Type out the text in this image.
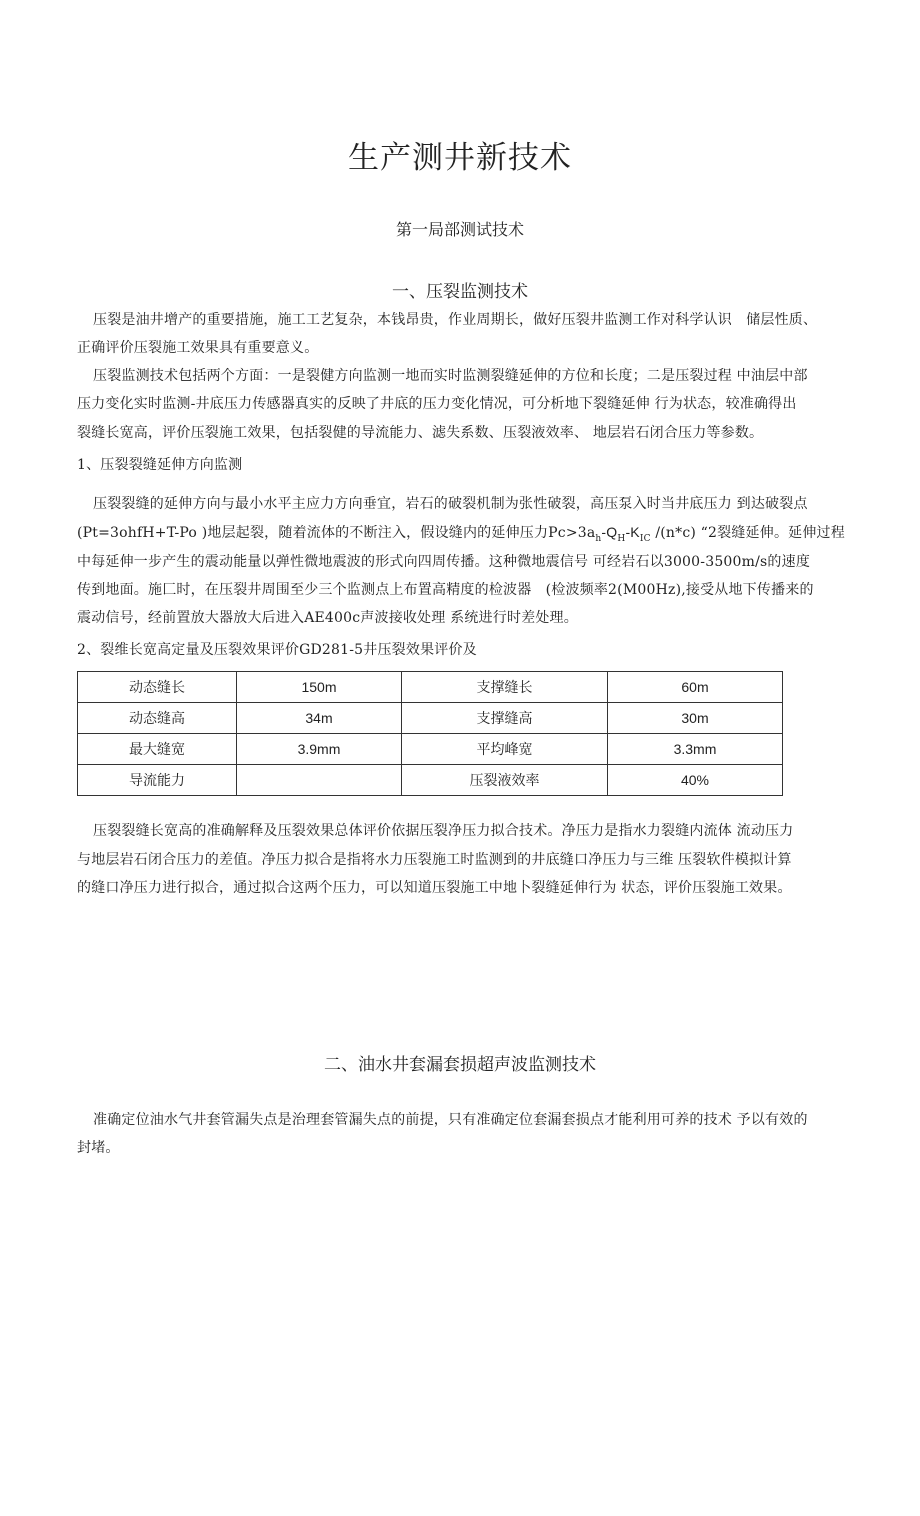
生产测井新技术
第一局部测试技术
一、压裂监测技术
压裂是油井增产的重要措施，施工工艺复杂，本钱昂贵，作业周期长，做好压裂井监测工作对科学认识　储层性质、
正确评价压裂施工效果具有重要意义。
压裂监测技术包括两个方面：一是裂健方向监测一地而实时监测裂缝延伸的方位和长度；二是压裂过程 中油层中部
压力变化实时监测-井底压力传感器真实的反映了井底的压力变化情况，可分析地下裂缝延伸 行为状态，较准确得出
裂缝长宽高，评价压裂施工效果，包括裂健的导流能力、滤失系数、压裂液效率、 地层岩石闭合压力等参数。
1、压裂裂缝延伸方向监测
压裂裂缝的延伸方向与最小水平主应力方向垂宜，岩石的破裂机制为张性破裂，高压泵入时当井底压力 到达破裂点
(Pt=3ohfH+T-Po )地层起裂，随着流体的不断注入，假设缝内的延伸压力$Pc>3a_h-Q_H-K_{IC}$ /(n*c) “2裂缝延伸。延伸过程
中每延伸一步产生的震动能量以弹性微地震波的形式向四周传播。这种微地震信号 可经岩石以3000-3500m/s的速度
传到地面。施匚时，在压裂井周围至少三个监测点上布置高精度的检波器　(检波频率2(M00Hz),接受从地下传播来的
震动信号，经前置放大器放大后进入AE400c声波接收处理 系统进行时差处理。
2、裂维长宽高定量及压裂效果评价GD281-5井压裂效果评价及
动态缝长	150m	支撑缝长	60m
动态缝高	34m	支撑缝高	30m
最大缝宽	3.9mm	平均峰宽	3.3mm
导流能力		压裂液效率	40%
压裂裂缝长宽高的准确解释及压裂效果总体评价依据压裂净压力拟合技术。净压力是指水力裂缝内流体 流动压力
与地层岩石闭合压力的差值。净压力拟合是指将水力压裂施工时监测到的井底缝口净压力与三维 压裂软件模拟计算
的缝口净压力进行拟合，通过拟合这两个压力，可以知道压裂施工中地卜裂缝延伸行为 状态，评价压裂施工效果。
二、油水井套漏套损超声波监测技术
准确定位油水气井套管漏失点是治理套管漏失点的前提，只有准确定位套漏套损点才能利用可养的技术 予以有效的
封堵。
